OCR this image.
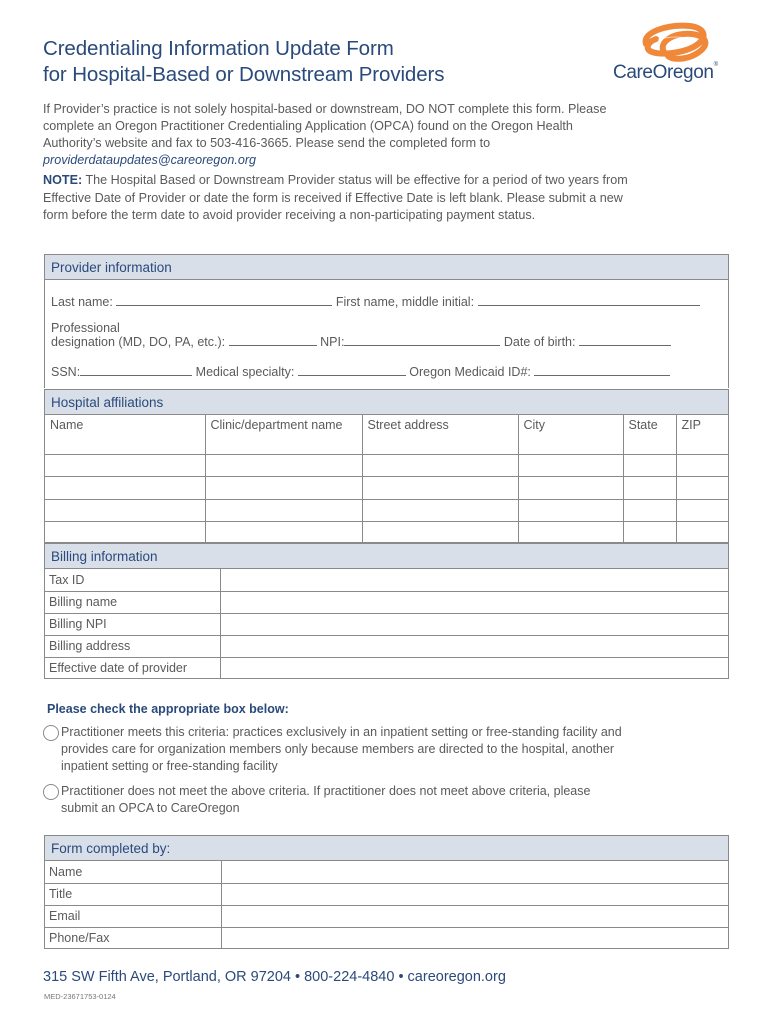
Credentialing Information Update Form
for Hospital-Based or Downstream Providers	CareOregon®
If Provider’s practice is not solely hospital-based or downstream, DO NOT complete this form. Please complete an Oregon Practitioner Credentialing Application (OPCA) found on the Oregon Health Authority’s website and fax to 503-416-3665. Please send the completed form to
providerdataupdates@careoregon.org
NOTE: The Hospital Based or Downstream Provider status will be effective for a period of two years from Effective Date of Provider or date the form is received if Effective Date is left blank. Please submit a new form before the term date to avoid provider receiving a non-participating payment status.
Provider information
Last name:	First name, middle initial:
Professional
designation (MD, DO, PA, etc.):	NPI:	Date of birth:
SSN:	Medical specialty:	Oregon Medicaid ID#:
Hospital affiliations
Name	Clinic/department name	Street address	City	State	ZIP

Billing information
Tax ID	
Billing name	
Billing NPI	
Billing address	
Effective date of provider	
Please check the appropriate box below:
Practitioner meets this criteria: practices exclusively in an inpatient setting or free-standing facility and
provides care for organization members only because members are directed to the hospital, another
inpatient setting or free-standing facility
Practitioner does not meet the above criteria. If practitioner does not meet above criteria, please
submit an OPCA to CareOregon
Form completed by:
Name	
Title	
Email	
Phone/Fax	
315 SW Fifth Ave, Portland, OR 97204 • 800-224-4840 • careoregon.org
MED-23671753-0124
